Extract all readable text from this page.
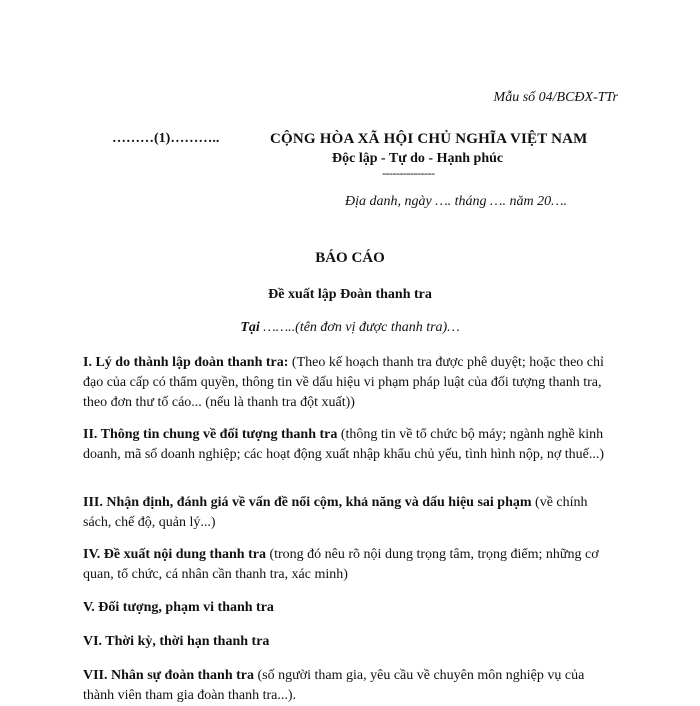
Mẫu số 04/BCĐX-TTr
………(1)………..	CỘNG HÒA XÃ HỘI CHỦ NGHĨA VIỆT NAM
Độc lập - Tự do - Hạnh phúc
---------------
Địa danh, ngày …. tháng …. năm 20….
BÁO CÁO
Đề xuất lập Đoàn thanh tra
Tại ……..(tên đơn vị được thanh tra)…
I. Lý do thành lập đoàn thanh tra: (Theo kế hoạch thanh tra được phê duyệt; hoặc theo chỉ đạo của cấp có thẩm quyền, thông tin về dấu hiệu vi phạm pháp luật của đối tượng thanh tra, theo đơn thư tố cáo... (nếu là thanh tra đột xuất))
II. Thông tin chung về đối tượng thanh tra (thông tin về tổ chức bộ máy; ngành nghề kinh doanh, mã số doanh nghiệp; các hoạt động xuất nhập khẩu chủ yếu, tình hình nộp, nợ thuế...)
III. Nhận định, đánh giá về vấn đề nổi cộm, khả năng và dấu hiệu sai phạm (về chính sách, chế độ, quản lý...)
IV. Đề xuất nội dung thanh tra (trong đó nêu rõ nội dung trọng tâm, trọng điểm; những cơ quan, tổ chức, cá nhân cần thanh tra, xác minh)
V. Đối tượng, phạm vi thanh tra
VI. Thời kỳ, thời hạn thanh tra
VII. Nhân sự đoàn thanh tra (số người tham gia, yêu cầu về chuyên môn nghiệp vụ của thành viên tham gia đoàn thanh tra...).
